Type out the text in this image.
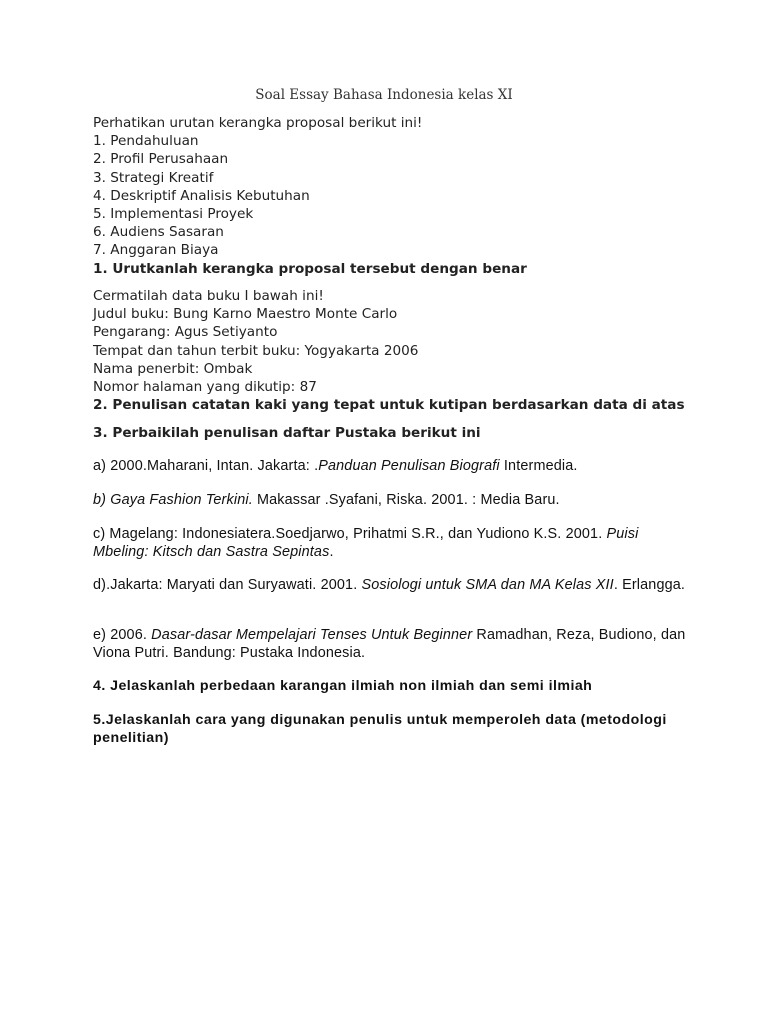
Soal Essay Bahasa Indonesia kelas XI
Perhatikan urutan kerangka proposal berikut ini!
1. Pendahuluan
2. Profil Perusahaan
3. Strategi Kreatif
4. Deskriptif Analisis Kebutuhan
5. Implementasi Proyek
6. Audiens Sasaran
7. Anggaran Biaya
1. Urutkanlah kerangka proposal tersebut dengan benar
Cermatilah data buku I bawah ini!
Judul buku: Bung Karno Maestro Monte Carlo
Pengarang: Agus Setiyanto
Tempat dan tahun terbit buku: Yogyakarta 2006
Nama penerbit: Ombak
Nomor halaman yang dikutip: 87
2. Penulisan catatan kaki yang tepat untuk kutipan berdasarkan data di atas
3. Perbaikilah penulisan daftar Pustaka berikut ini
a) 2000.Maharani, Intan. Jakarta: .Panduan Penulisan Biografi Intermedia.
b) Gaya Fashion Terkini. Makassar .Syafani, Riska. 2001. : Media Baru.
c) Magelang: Indonesiatera.Soedjarwo, Prihatmi S.R., dan Yudiono K.S. 2001. Puisi Mbeling: Kitsch dan Sastra Sepintas.
d).Jakarta: Maryati dan Suryawati. 2001. Sosiologi untuk SMA dan MA Kelas XII. Erlangga.
e) 2006. Dasar-dasar Mempelajari Tenses Untuk Beginner Ramadhan, Reza, Budiono, dan Viona Putri. Bandung: Pustaka Indonesia.
4. Jelaskanlah perbedaan karangan ilmiah non ilmiah dan semi ilmiah
5.Jelaskanlah cara yang digunakan penulis untuk memperoleh data (metodologi penelitian)
